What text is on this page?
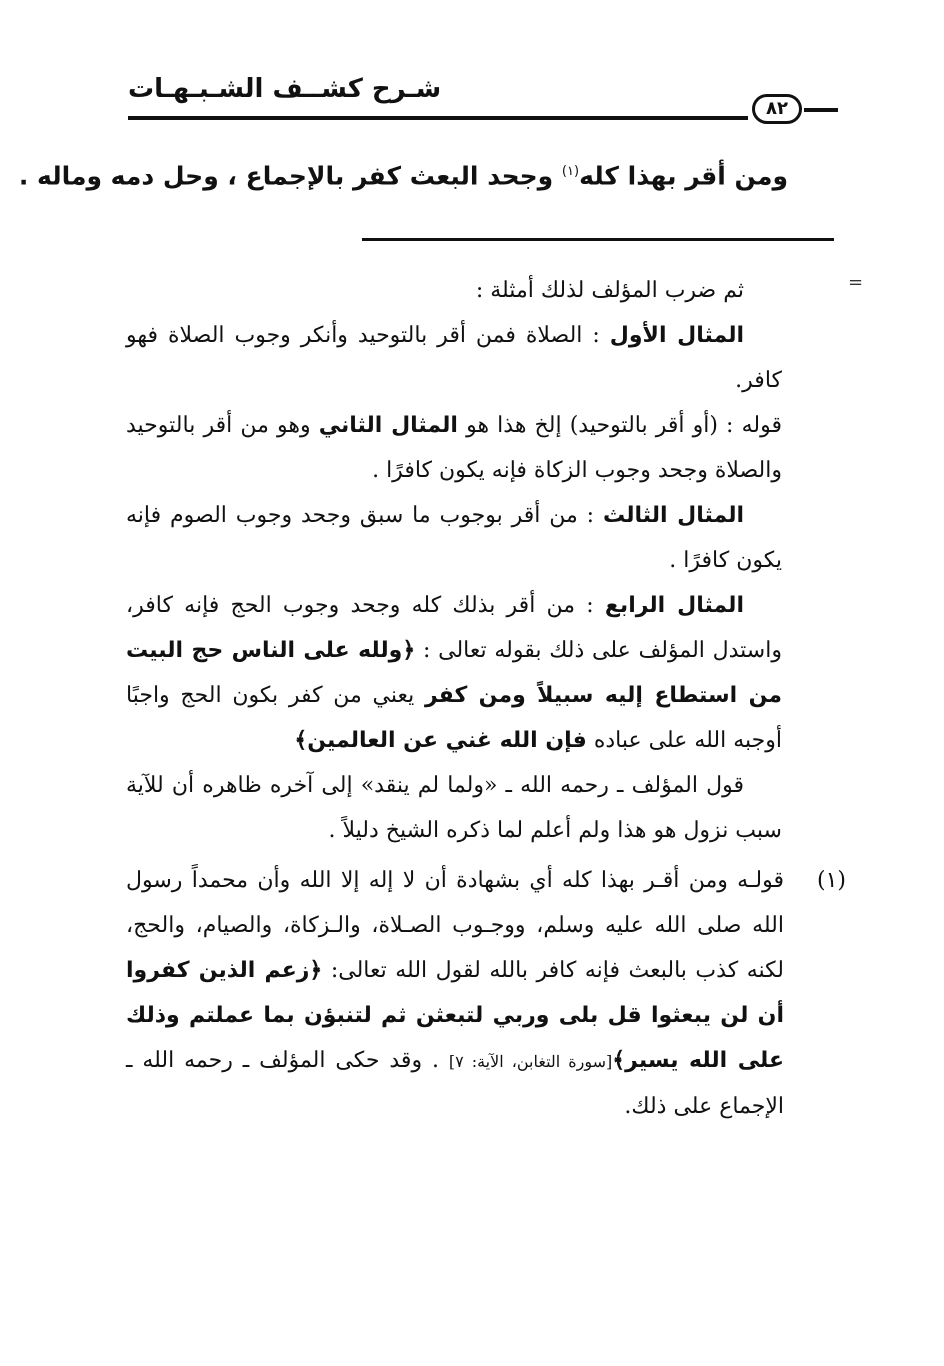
شـرح كشــف الشـبـهـات
٨٢
ومن أقر بهذا كله$^{(١)}$ وجحد البعث كفر بالإجماع ، وحل دمه وماله .
=

ثم ضرب المؤلف لذلك أمثلة :

المثال الأول : الصلاة فمن أقر بالتوحيد وأنكر وجوب الصلاة فهو كافر.

قوله : (أو أقر بالتوحيد) إلخ هذا هو المثال الثاني وهو من أقر بالتوحيد والصلاة وجحد وجوب الزكاة فإنه يكون كافرًا .

المثال الثالث : من أقر بوجوب ما سبق وجحد وجوب الصوم فإنه يكون كافرًا .

المثال الرابع : من أقر بذلك كله وجحد وجوب الحج فإنه كافر، واستدل المؤلف على ذلك بقوله تعالى : ﴿ولله على الناس حج البيت من استطاع إليه سبيلاً ومن كفر يعني من كفر بكون الحج واجبًا أوجبه الله على عباده فإن الله غني عن العالمين﴾

قول المؤلف ـ رحمه الله ـ «ولما لم ينقد» إلى آخره ظاهره أن للآية سبب نزول هو هذا ولم أعلم لما ذكره الشيخ دليلاً .

(١)
قولـه ومن أقـر بهذا كله أي بشهادة أن لا إله إلا الله وأن محمداً رسول الله صلى الله عليه وسلم، ووجـوب الصـلاة، والـزكاة، والصيام، والحج، لكنه كذب بالبعث فإنه كافر بالله لقول الله تعالى: ﴿زعم الذين كفروا أن لن يبعثوا قل بلى وربي لتبعثن ثم لتنبؤن بما عملتم وذلك على الله يسير﴾[سورة التغابن، الآية: ٧] . وقد حكى المؤلف ـ رحمه الله ـ الإجماع على ذلك.
